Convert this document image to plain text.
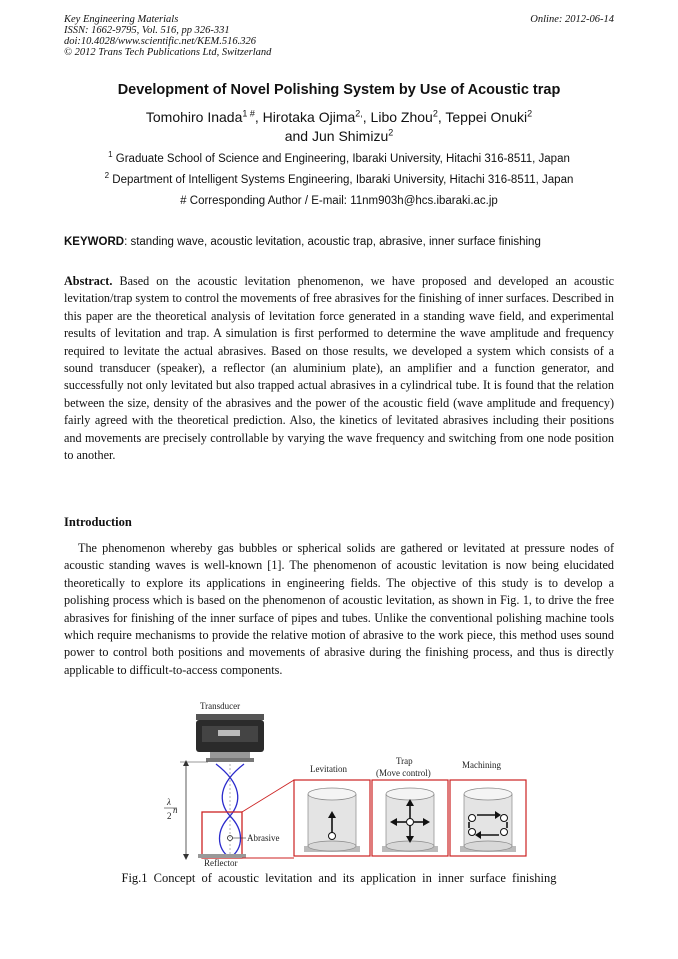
Key Engineering Materials
ISSN: 1662-9795, Vol. 516, pp 326-331
doi:10.4028/www.scientific.net/KEM.516.326
© 2012 Trans Tech Publications Ltd, Switzerland
Online: 2012-06-14
Development of Novel Polishing System by Use of Acoustic trap
Tomohiro Inada$^{1 \#}$, Hirotaka Ojima$^{2,}$, Libo Zhou$^2$, Teppei Onuki$^2$
and Jun Shimizu$^2$
$^1$ Graduate School of Science and Engineering, Ibaraki University, Hitachi 316-8511, Japan
$^2$ Department of Intelligent Systems Engineering, Ibaraki University, Hitachi 316-8511, Japan
# Corresponding Author / E-mail: 11nm903h@hcs.ibaraki.ac.jp
KEYWORD: standing wave, acoustic levitation, acoustic trap, abrasive, inner surface finishing
Abstract. Based on the acoustic levitation phenomenon, we have proposed and developed an acoustic levitation/trap system to control the movements of free abrasives for the finishing of inner surfaces. Described in this paper are the theoretical analysis of levitation force generated in a standing wave field, and experimental results of levitation and trap. A simulation is first performed to determine the wave amplitude and frequency required to levitate the actual abrasives. Based on those results, we developed a system which consists of a sound transducer (speaker), a reflector (an aluminium plate), an amplifier and a function generator, and successfully not only levitated but also trapped actual abrasives in a cylindrical tube. It is found that the relation between the size, density of the abrasives and the power of the acoustic field (wave amplitude and frequency) fairly agreed with the theoretical prediction. Also, the kinetics of levitated abrasives including their positions and movements are precisely controllable by varying the wave frequency and switching from one node position to another.
Introduction
The phenomenon whereby gas bubbles or spherical solids are gathered or levitated at pressure nodes of acoustic standing waves is well-known [1]. The phenomenon of acoustic levitation is now being elucidated theoretically to explore its applications in engineering fields. The objective of this study is to develop a polishing process which is based on the phenomenon of acoustic levitation, as shown in Fig. 1, to drive the free abrasives for finishing of the inner surface of pipes and tubes. Unlike the conventional polishing machine tools which require mechanisms to provide the relative motion of abrasive to the work piece, this method uses sound power to control both positions and movements of abrasive during the finishing process, and thus is directly applicable to difficult-to-access components.
Transducer
λ
n
2
Abrasive
Reflector
Levitation
Trap
(Move control)
Machining
Fig.1 Concept of acoustic levitation and its application in inner surface finishing
